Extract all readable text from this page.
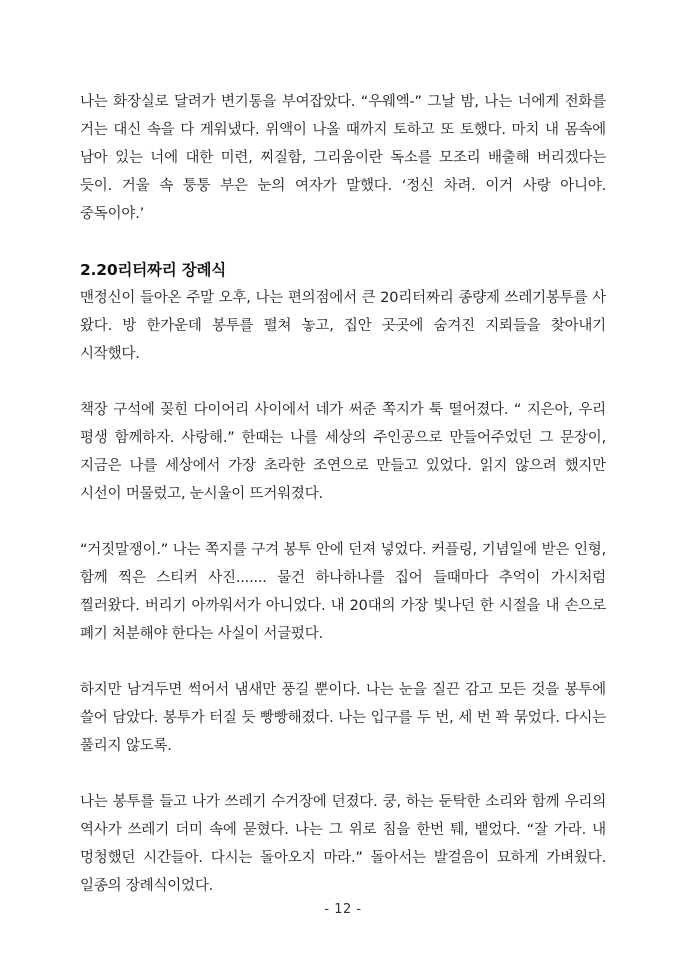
나는 화장실로 달려가 변기통을 부여잡았다. “우웨엑-” 그날 밤, 나는 너에게 전화를 거는 대신 속을 다 게워냈다. 위액이 나올 때까지 토하고 또 토했다. 마치 내 몸속에 남아 있는 너에 대한 미련, 찌질함, 그리움이란 독소를 모조리 배출해 버리겠다는 듯이. 거울 속 퉁퉁 부은 눈의 여자가 말했다. ‘정신 차려. 이거 사랑 아니야. 중독이야.’

2.20리터짜리 장례식

맨정신이 들아온 주말 오후, 나는 편의점에서 큰 20리터짜리 종량제 쓰레기봉투를 사 왔다. 방 한가운데 봉투를 펼쳐 놓고, 집안 곳곳에 숨겨진 지뢰들을 찾아내기 시작했다.

책장 구석에 꽂힌 다이어리 사이에서 네가 써준 쪽지가 툭 떨어졌다. “ 지은아, 우리 평생 함께하자. 사랑해.” 한때는 나를 세상의 주인공으로 만들어주었던 그 문장이, 지금은 나를 세상에서 가장 초라한 조연으로 만들고 있었다. 읽지 않으려 했지만 시선이 머물렀고, 눈시울이 뜨거워졌다.

“거짓말쟁이.” 나는 쪽지를 구겨 봉투 안에 던져 넣었다. 커플링, 기념일에 받은 인형, 함께 찍은 스티커 사진....... 물건 하나하나를 집어 들때마다 추억이 가시처럼 찔러왔다. 버리기 아까워서가 아니었다. 내 20대의 가장 빛나던 한 시절을 내 손으로 폐기 처분해야 한다는 사실이 서글펐다.

하지만 남겨두면 썩어서 냄새만 풍길 뿐이다. 나는 눈을 질끈 감고 모든 것을 봉투에 쓸어 담았다. 봉투가 터질 듯 빵빵해졌다. 나는 입구를 두 번, 세 번 꽉 묶었다. 다시는 풀리지 않도록.

나는 봉투를 들고 나가 쓰레기 수거장에 던졌다. 쿵, 하는 둔탁한 소리와 함께 우리의 역사가 쓰레기 더미 속에 묻혔다. 나는 그 위로 침을 한번 퉤, 뱉었다. “잘 가라. 내 멍청했던 시간들아. 다시는 돌아오지 마라.” 돌아서는 발걸음이 묘하게 가벼웠다. 일종의 장례식이었다.

- 12 -
